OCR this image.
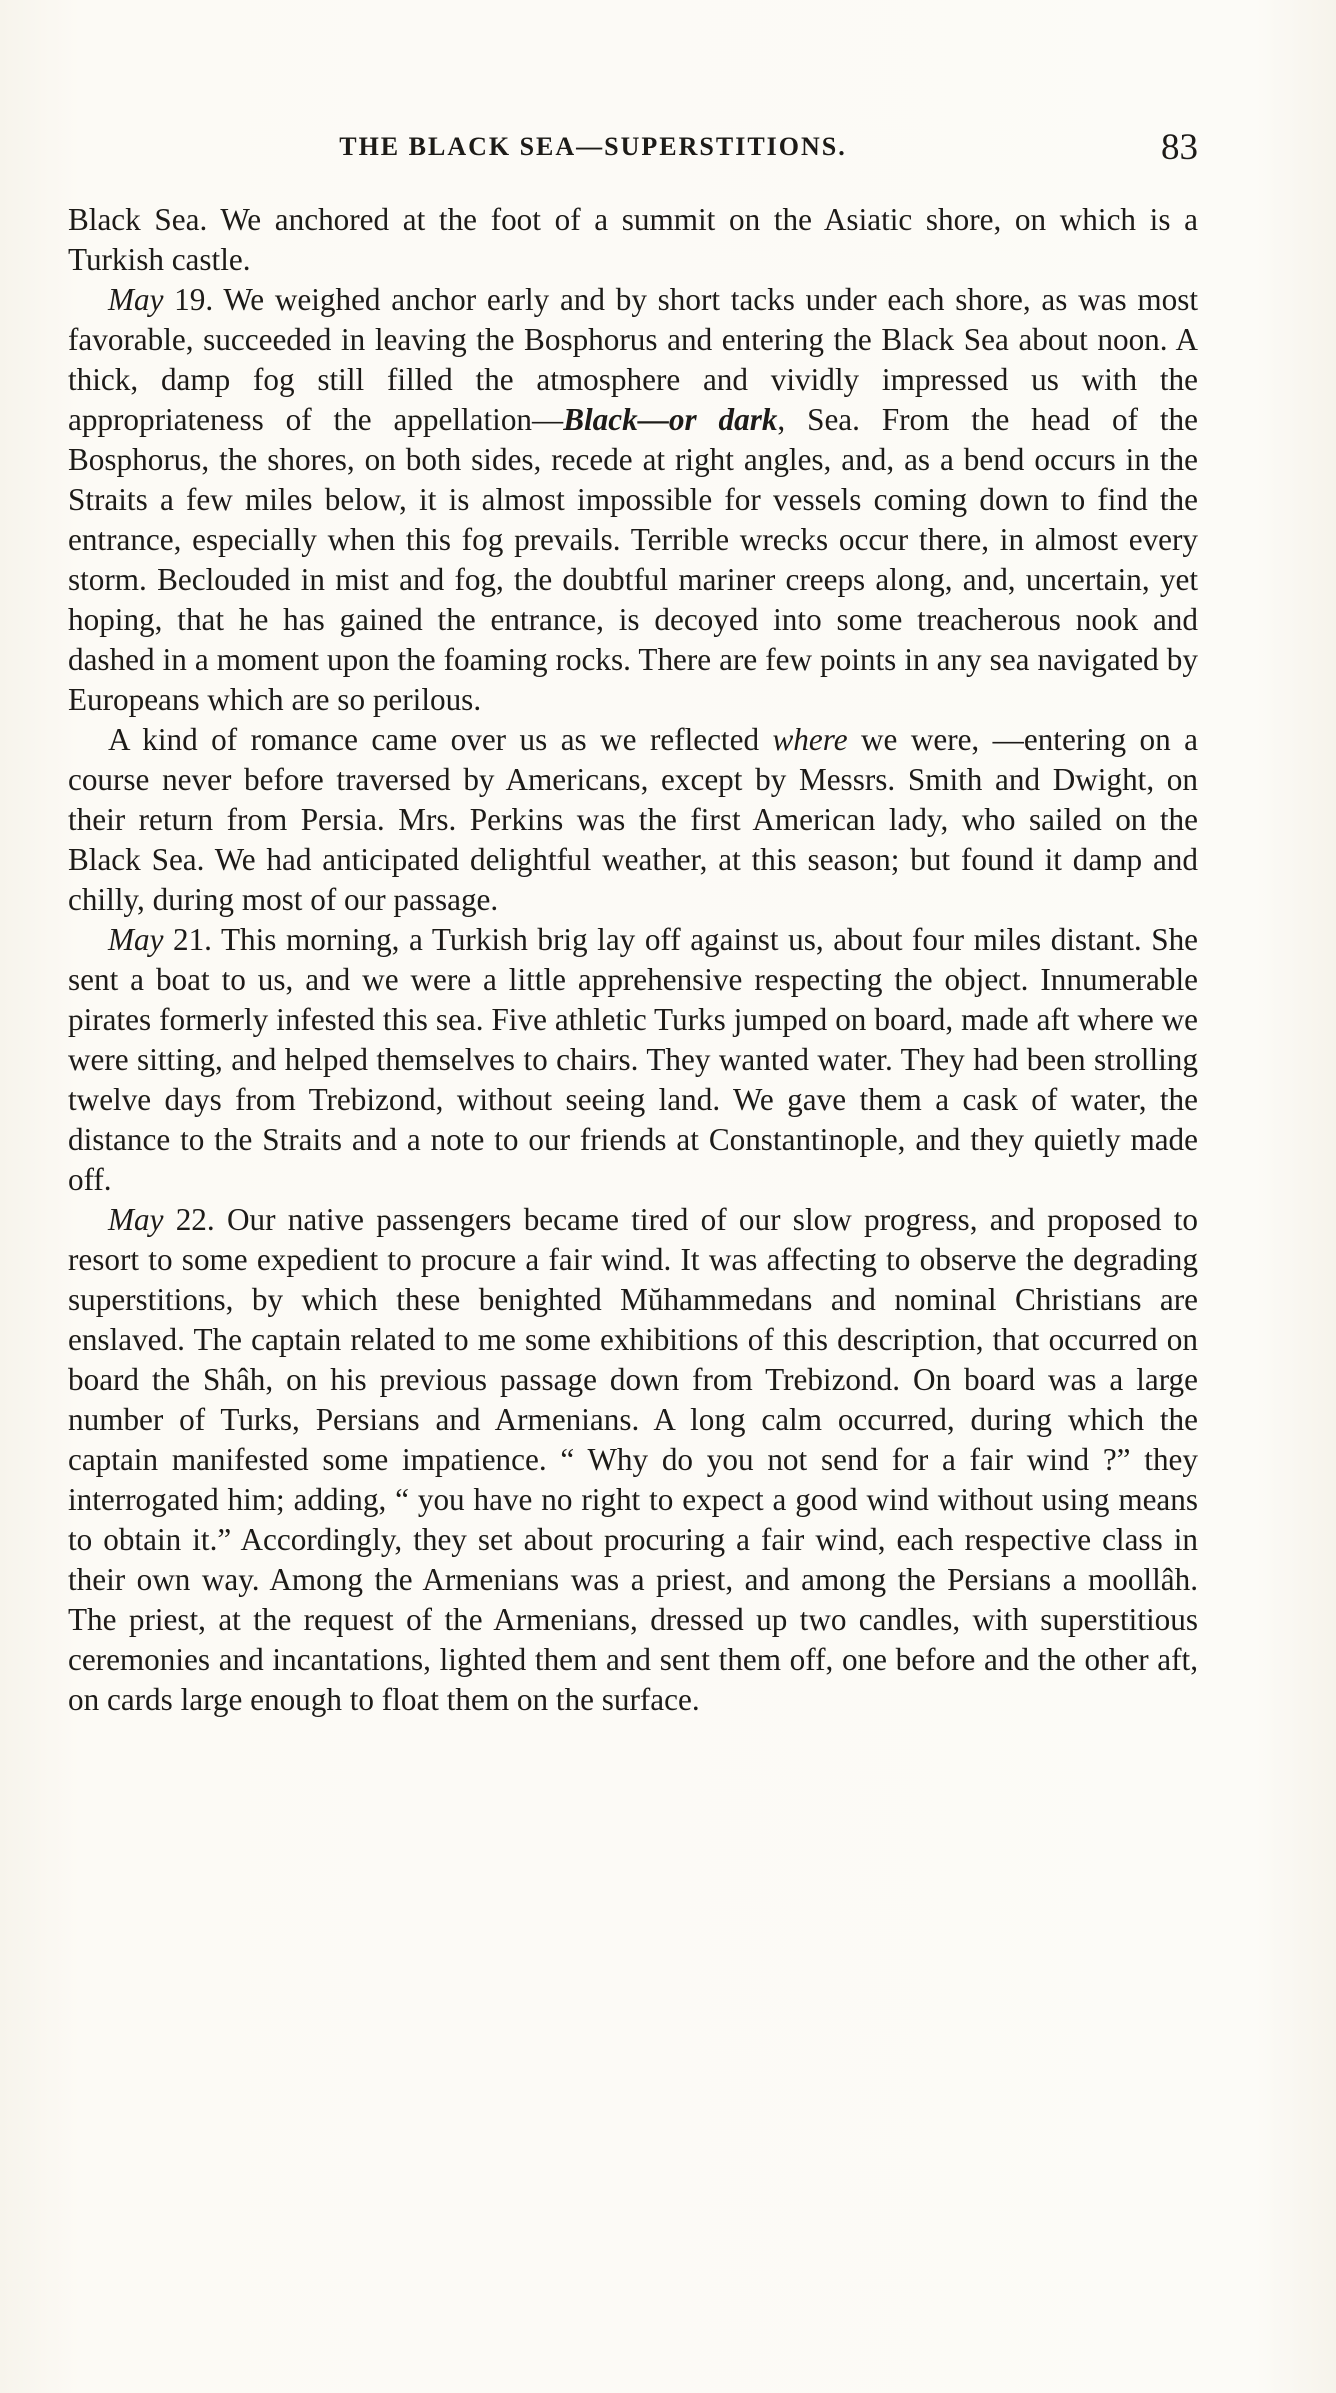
THE BLACK SEA—SUPERSTITIONS.	83

Black Sea. We anchored at the foot of a summit on the Asiatic shore, on which is a Turkish castle.

May 19. We weighed anchor early and by short tacks under each shore, as was most favorable, succeeded in leaving the Bosphorus and entering the Black Sea about noon. A thick, damp fog still filled the atmosphere and vividly impressed us with the appropriateness of the appellation—Black—or dark, Sea. From the head of the Bosphorus, the shores, on both sides, recede at right angles, and, as a bend occurs in the Straits a few miles below, it is almost impossible for vessels coming down to find the entrance, especially when this fog prevails. Terrible wrecks occur there, in almost every storm. Beclouded in mist and fog, the doubtful mariner creeps along, and, uncertain, yet hoping, that he has gained the entrance, is decoyed into some treacherous nook and dashed in a moment upon the foaming rocks. There are few points in any sea navigated by Europeans which are so perilous.

A kind of romance came over us as we reflected where we were, —entering on a course never before traversed by Americans, except by Messrs. Smith and Dwight, on their return from Persia. Mrs. Perkins was the first American lady, who sailed on the Black Sea. We had anticipated delightful weather, at this season; but found it damp and chilly, during most of our passage.

May 21. This morning, a Turkish brig lay off against us, about four miles distant. She sent a boat to us, and we were a little apprehensive respecting the object. Innumerable pirates formerly infested this sea. Five athletic Turks jumped on board, made aft where we were sitting, and helped themselves to chairs. They wanted water. They had been strolling twelve days from Trebizond, without seeing land. We gave them a cask of water, the distance to the Straits and a note to our friends at Constantinople, and they quietly made off.

May 22. Our native passengers became tired of our slow progress, and proposed to resort to some expedient to procure a fair wind. It was affecting to observe the degrading superstitions, by which these benighted Mŭhammedans and nominal Christians are enslaved. The captain related to me some exhibitions of this description, that occurred on board the Shâh, on his previous passage down from Trebizond. On board was a large number of Turks, Persians and Armenians. A long calm occurred, during which the captain manifested some impatience. “ Why do you not send for a fair wind ?” they interrogated him; adding, “ you have no right to expect a good wind without using means to obtain it.” Accordingly, they set about procuring a fair wind, each respective class in their own way. Among the Armenians was a priest, and among the Persians a moollâh. The priest, at the request of the Armenians, dressed up two candles, with superstitious ceremonies and incantations, lighted them and sent them off, one before and the other aft, on cards large enough to float them on the surface.
